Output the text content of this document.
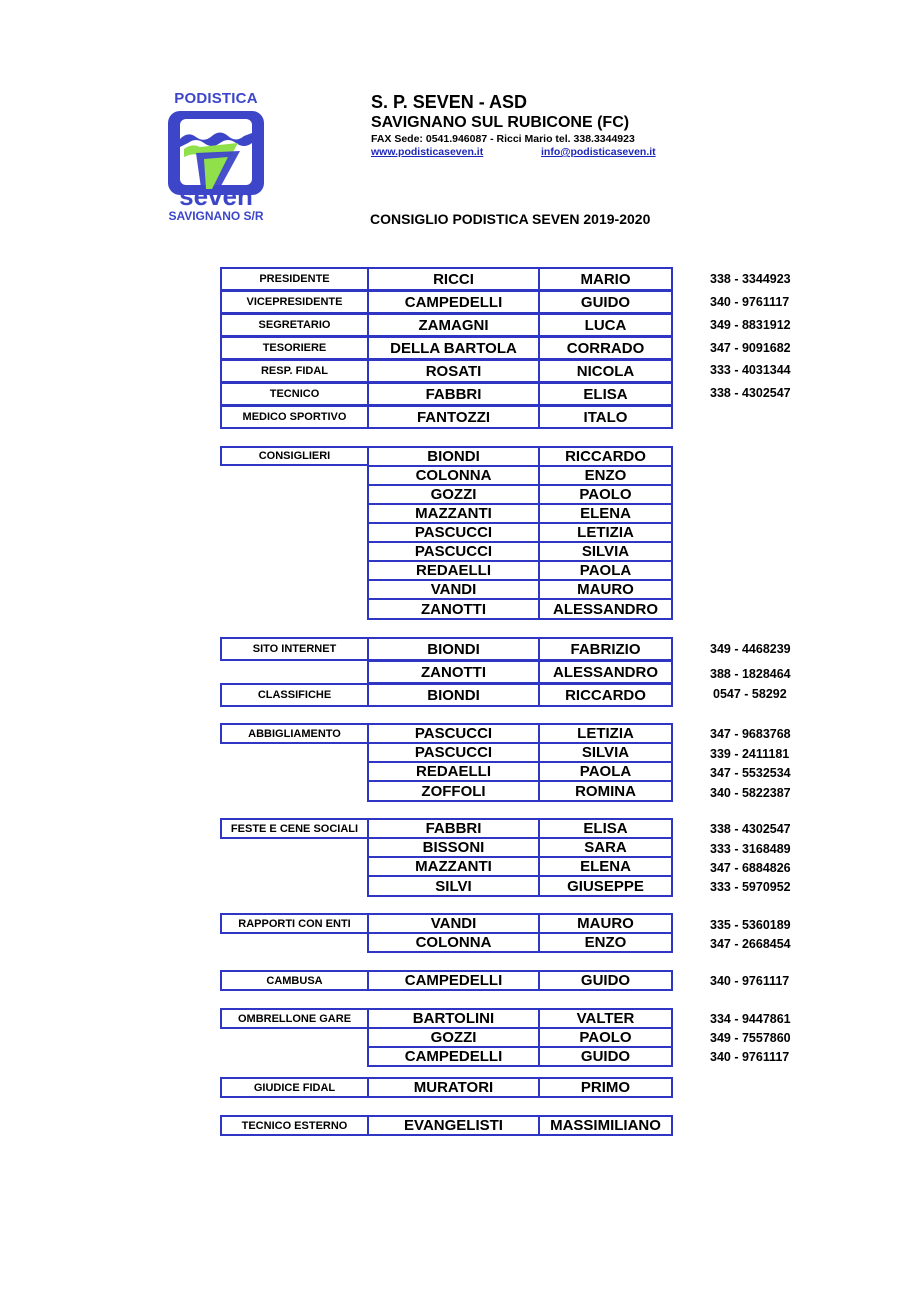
PODISTICA
seven
SAVIGNANO S/R
S. P. SEVEN - ASD
SAVIGNANO SUL RUBICONE (FC)
FAX Sede: 0541.946087 - Ricci Mario tel. 338.3344923
www.podisticaseven.it	info@podisticaseven.it
CONSIGLIO PODISTICA SEVEN 2019-2020
PRESIDENTE	RICCI	MARIO	338 - 3344923
VICEPRESIDENTE	CAMPEDELLI	GUIDO	340 - 9761117
SEGRETARIO	ZAMAGNI	LUCA	349 - 8831912
TESORIERE	DELLA BARTOLA	CORRADO	347 - 9091682
RESP. FIDAL	ROSATI	NICOLA	333 - 4031344
TECNICO	FABBRI	ELISA	338 - 4302547
MEDICO SPORTIVO	FANTOZZI	ITALO
CONSIGLIERI	BIONDI	RICCARDO
COLONNA	ENZO
GOZZI	PAOLO
MAZZANTI	ELENA
PASCUCCI	LETIZIA
PASCUCCI	SILVIA
REDAELLI	PAOLA
VANDI	MAURO
ZANOTTI	ALESSANDRO
SITO INTERNET	BIONDI	FABRIZIO	349 - 4468239
ZANOTTI	ALESSANDRO	388 - 1828464
CLASSIFICHE	BIONDI	RICCARDO	0547 - 58292
ABBIGLIAMENTO	PASCUCCI	LETIZIA	347 - 9683768
PASCUCCI	SILVIA	339 - 2411181
REDAELLI	PAOLA	347 - 5532534
ZOFFOLI	ROMINA	340 - 5822387
FESTE E CENE SOCIALI	FABBRI	ELISA	338 - 4302547
BISSONI	SARA	333 - 3168489
MAZZANTI	ELENA	347 - 6884826
SILVI	GIUSEPPE	333 - 5970952
RAPPORTI CON ENTI	VANDI	MAURO	335 - 5360189
COLONNA	ENZO	347 - 2668454
CAMBUSA	CAMPEDELLI	GUIDO	340 - 9761117
OMBRELLONE GARE	BARTOLINI	VALTER	334 - 9447861
GOZZI	PAOLO	349 - 7557860
CAMPEDELLI	GUIDO	340 - 9761117
GIUDICE FIDAL	MURATORI	PRIMO
TECNICO ESTERNO	EVANGELISTI	MASSIMILIANO
